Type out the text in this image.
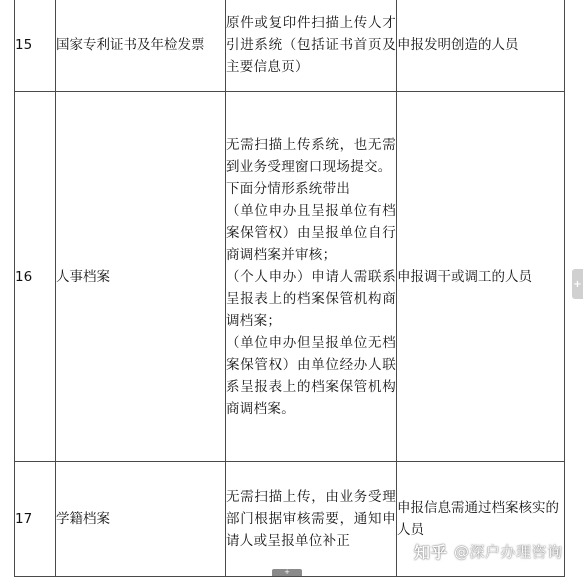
15	国家专利证书及年检发票	原件或复印件扫描上传人才引进系统（包括证书首页及主要信息页）	申报发明创造的人员
16	人事档案	无需扫描上传系统，也无需到业务受理窗口现场提交。
下面分情形系统带出
（单位申办且呈报单位有档案保管权）由呈报单位自行商调档案并审核；
（个人申办）申请人需联系呈报表上的档案保管机构商调档案；
（单位申办但呈报单位无档案保管权）由单位经办人联系呈报表上的档案保管机构商调档案。	申报调干或调工的人员
17	学籍档案	无需扫描上传，由业务受理部门根据审核需要，通知申请人或呈报单位补正	申报信息需通过档案核实的人员
+
+
知乎 @深户办理咨询
